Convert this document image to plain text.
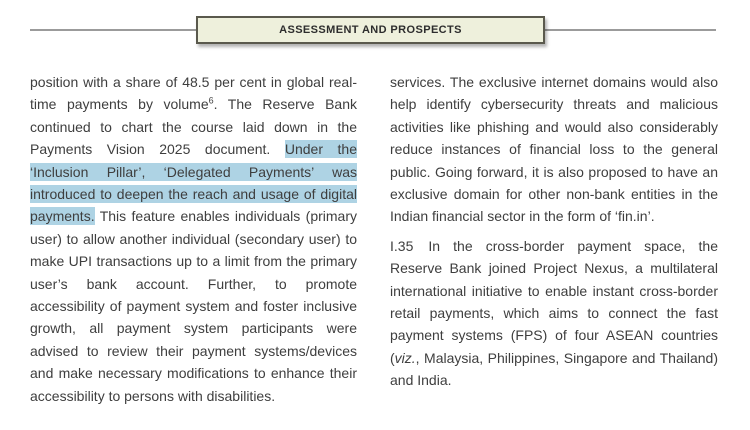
ASSESSMENT AND PROSPECTS

position with a share of 48.5 per cent in global real-time payments by volume$^6$. The Reserve Bank continued to chart the course laid down in the Payments Vision 2025 document. Under the ‘Inclusion Pillar’, ‘Delegated Payments’ was introduced to deepen the reach and usage of digital payments. This feature enables individuals (primary user) to allow another individual (secondary user) to make UPI transactions up to a limit from the primary user’s bank account. Further, to promote accessibility of payment system and foster inclusive growth, all payment system participants were advised to review their payment systems/devices and make necessary modifications to enhance their accessibility to persons with disabilities.

services. The exclusive internet domains would also help identify cybersecurity threats and malicious activities like phishing and would also considerably reduce instances of financial loss to the general public. Going forward, it is also proposed to have an exclusive domain for other non-bank entities in the Indian financial sector in the form of ‘fin.in’.

I.35 In the cross-border payment space, the Reserve Bank joined Project Nexus, a multilateral international initiative to enable instant cross-border retail payments, which aims to connect the fast payment systems (FPS) of four ASEAN countries (viz., Malaysia, Philippines, Singapore and Thailand) and India.
